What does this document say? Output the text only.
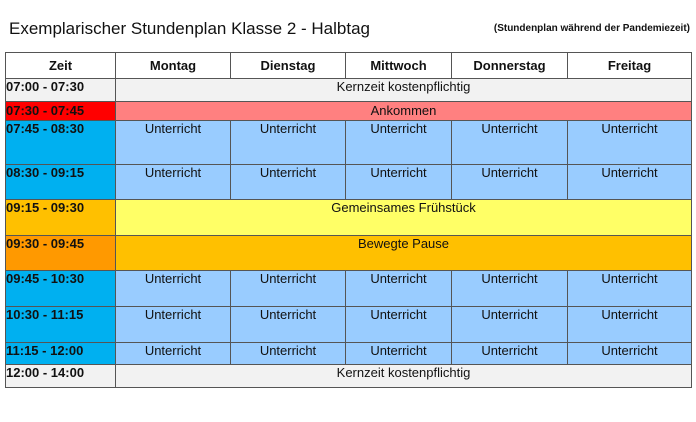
Exemplarischer Stundenplan Klasse 2 - Halbtag	(Stundenplan während der Pandemiezeit)
Zeit	Montag	Dienstag	Mittwoch	Donnerstag	Freitag
07:00 - 07:30	Kernzeit kostenpflichtig				
07:30 - 07:45	Ankommen				
07:45 - 08:30	Unterricht	Unterricht	Unterricht	Unterricht	Unterricht
08:30 - 09:15	Unterricht	Unterricht	Unterricht	Unterricht	Unterricht
09:15 - 09:30	Gemeinsames Frühstück				
09:30 - 09:45	Bewegte Pause				
09:45 - 10:30	Unterricht	Unterricht	Unterricht	Unterricht	Unterricht
10:30 - 11:15	Unterricht	Unterricht	Unterricht	Unterricht	Unterricht
11:15 - 12:00	Unterricht	Unterricht	Unterricht	Unterricht	Unterricht
12:00 - 14:00	Kernzeit kostenpflichtig				
